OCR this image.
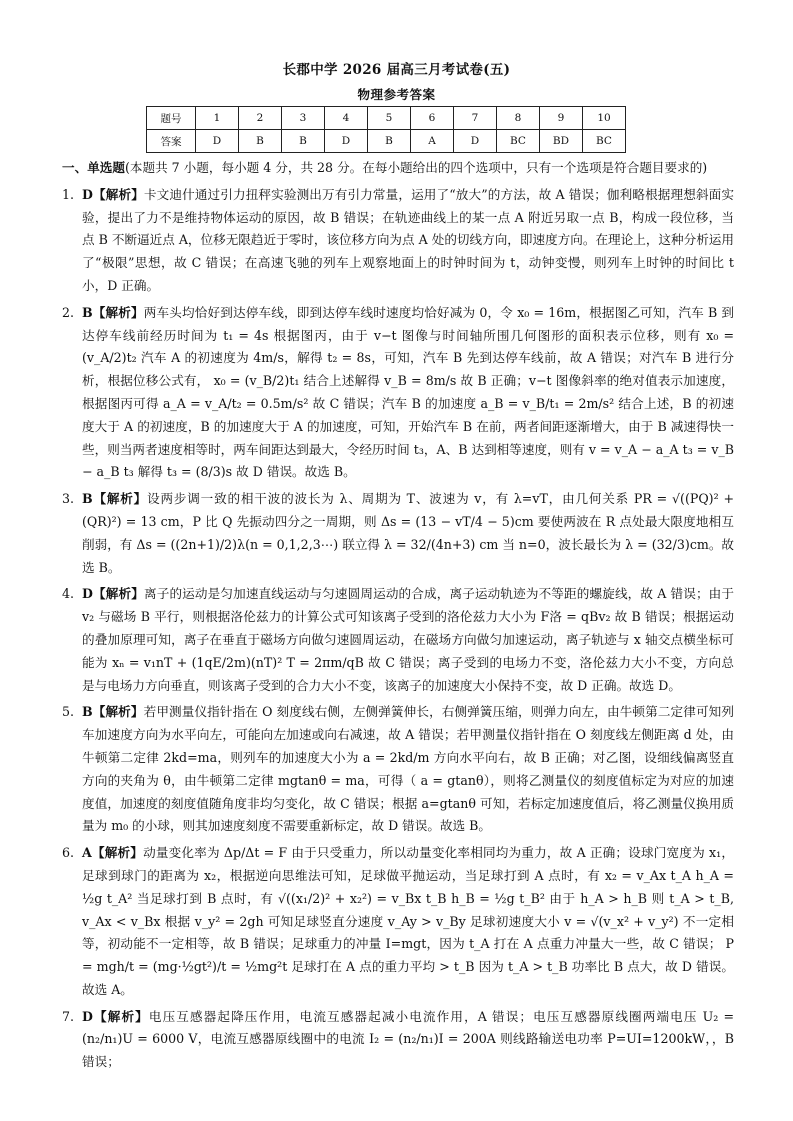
长郡中学 2026 届高三月考试卷(五)
物理参考答案
题号	1	2	3	4	5	6	7	8	9	10
答案	D	B	B	D	B	A	D	BC	BD	BC

一、单选题(本题共 7 小题，每小题 4 分，共 28 分。在每小题给出的四个选项中，只有一个选项是符合题目要求的)

1. D【解析】卡文迪什通过引力扭秤实验测出万有引力常量，运用了“放大”的方法，故 A 错误；伽利略根据理想斜面实验，提出了力不是维持物体运动的原因，故 B 错误；在轨迹曲线上的某一点 A 附近另取一点 B，构成一段位移，当点 B 不断逼近点 A，位移无限趋近于零时，该位移方向为点 A 处的切线方向，即速度方向。在理论上，这种分析运用了“极限”思想，故 C 错误；在高速飞驰的列车上观察地面上的时钟时间为 t，动钟变慢，则列车上时钟的时间比 t 小，D 正确。

2. B【解析】两车头均恰好到达停车线，即到达停车线时速度均恰好减为 0，令 x₀ = 16m，根据图乙可知，汽车 B 到达停车线前经历时间为 t₁ = 4s 根据图丙，由于 v−t 图像与时间轴所围几何图形的面积表示位移，则有 x₀ = (v_A/2)t₂ 汽车 A 的初速度为 4m/s，解得 t₂ = 8s，可知，汽车 B 先到达停车线前，故 A 错误；对汽车 B 进行分析，根据位移公式有， x₀ = (v_B/2)t₁ 结合上述解得 v_B = 8m/s 故 B 正确；v−t 图像斜率的绝对值表示加速度，根据图丙可得 a_A = v_A/t₂ = 0.5m/s² 故 C 错误；汽车 B 的加速度 a_B = v_B/t₁ = 2m/s² 结合上述，B 的初速度大于 A 的初速度，B 的加速度大于 A 的加速度，可知，开始汽车 B 在前，两者间距逐渐增大，由于 B 减速得快一些，则当两者速度相等时，两车间距达到最大，令经历时间 t₃，A、B 达到相等速度，则有 v = v_A − a_A t₃ = v_B − a_B t₃ 解得 t₃ = (8/3)s 故 D 错误。故选 B。

3. B【解析】设两步调一致的相干波的波长为 λ、周期为 T、波速为 v，有 λ=vT，由几何关系 PR = √((PQ)² + (QR)²) = 13 cm，P 比 Q 先振动四分之一周期，则 Δs = (13 − vT/4 − 5)cm 要使两波在 R 点处最大限度地相互削弱，有 Δs = ((2n+1)/2)λ(n = 0,1,2,3⋯) 联立得 λ = 32/(4n+3) cm 当 n=0，波长最长为 λ = (32/3)cm。故选 B。

4. D【解析】离子的运动是匀加速直线运动与匀速圆周运动的合成，离子运动轨迹为不等距的螺旋线，故 A 错误；由于 v₂ 与磁场 B 平行，则根据洛伦兹力的计算公式可知该离子受到的洛伦兹力大小为 F洛 = qBv₂ 故 B 错误；根据运动的叠加原理可知，离子在垂直于磁场方向做匀速圆周运动，在磁场方向做匀加速运动，离子轨迹与 x 轴交点横坐标可能为 xₙ = v₁nT + (1qE/2m)(nT)² T = 2πm/qB 故 C 错误；离子受到的电场力不变，洛伦兹力大小不变，方向总是与电场力方向垂直，则该离子受到的合力大小不变，该离子的加速度大小保持不变，故 D 正确。故选 D。

5. B【解析】若甲测量仪指针指在 O 刻度线右侧，左侧弹簧伸长，右侧弹簧压缩，则弹力向左，由牛顿第二定律可知列车加速度方向为水平向左，可能向左加速或向右减速，故 A 错误；若甲测量仪指针指在 O 刻度线左侧距离 d 处，由牛顿第二定律 2kd=ma，则列车的加速度大小为 a = 2kd/m 方向水平向右，故 B 正确；对乙图，设细线偏离竖直方向的夹角为 θ，由牛顿第二定律 mgtanθ = ma，可得（ a = gtanθ），则将乙测量仪的刻度值标定为对应的加速度值，加速度的刻度值随角度非均匀变化，故 C 错误；根据 a=gtanθ 可知，若标定加速度值后，将乙测量仪换用质量为 m₀ 的小球，则其加速度刻度不需要重新标定，故 D 错误。故选 B。

6. A【解析】动量变化率为 Δp/Δt = F 由于只受重力，所以动量变化率相同均为重力，故 A 正确；设球门宽度为 x₁，足球到球门的距离为 x₂，根据逆向思维法可知，足球做平抛运动，当足球打到 A 点时，有 x₂ = v_Ax t_A h_A = ½g t_A² 当足球打到 B 点时，有 √((x₁/2)² + x₂²) = v_Bx t_B h_B = ½g t_B² 由于 h_A > h_B 则 t_A > t_B, v_Ax < v_Bx 根据 v_y² = 2gh 可知足球竖直分速度 v_Ay > v_By 足球初速度大小 v = √(v_x² + v_y²) 不一定相等，初动能不一定相等，故 B 错误；足球重力的冲量 I=mgt，因为 t_A 打在 A 点重力冲量大一些，故 C 错误； P = mgh/t = (mg·½gt²)/t = ½mg²t 足球打在 A 点的重力平均 > t_B 因为 t_A > t_B 功率比 B 点大，故 D 错误。故选 A。

7. D【解析】电压互感器起降压作用，电流互感器起减小电流作用，A 错误；电压互感器原线圈两端电压 U₂ = (n₂/n₁)U = 6000 V，电流互感器原线圈中的电流 I₂ = (n₂/n₁)I = 200A 则线路输送电功率 P=UI=1200kW，，B 错误；
